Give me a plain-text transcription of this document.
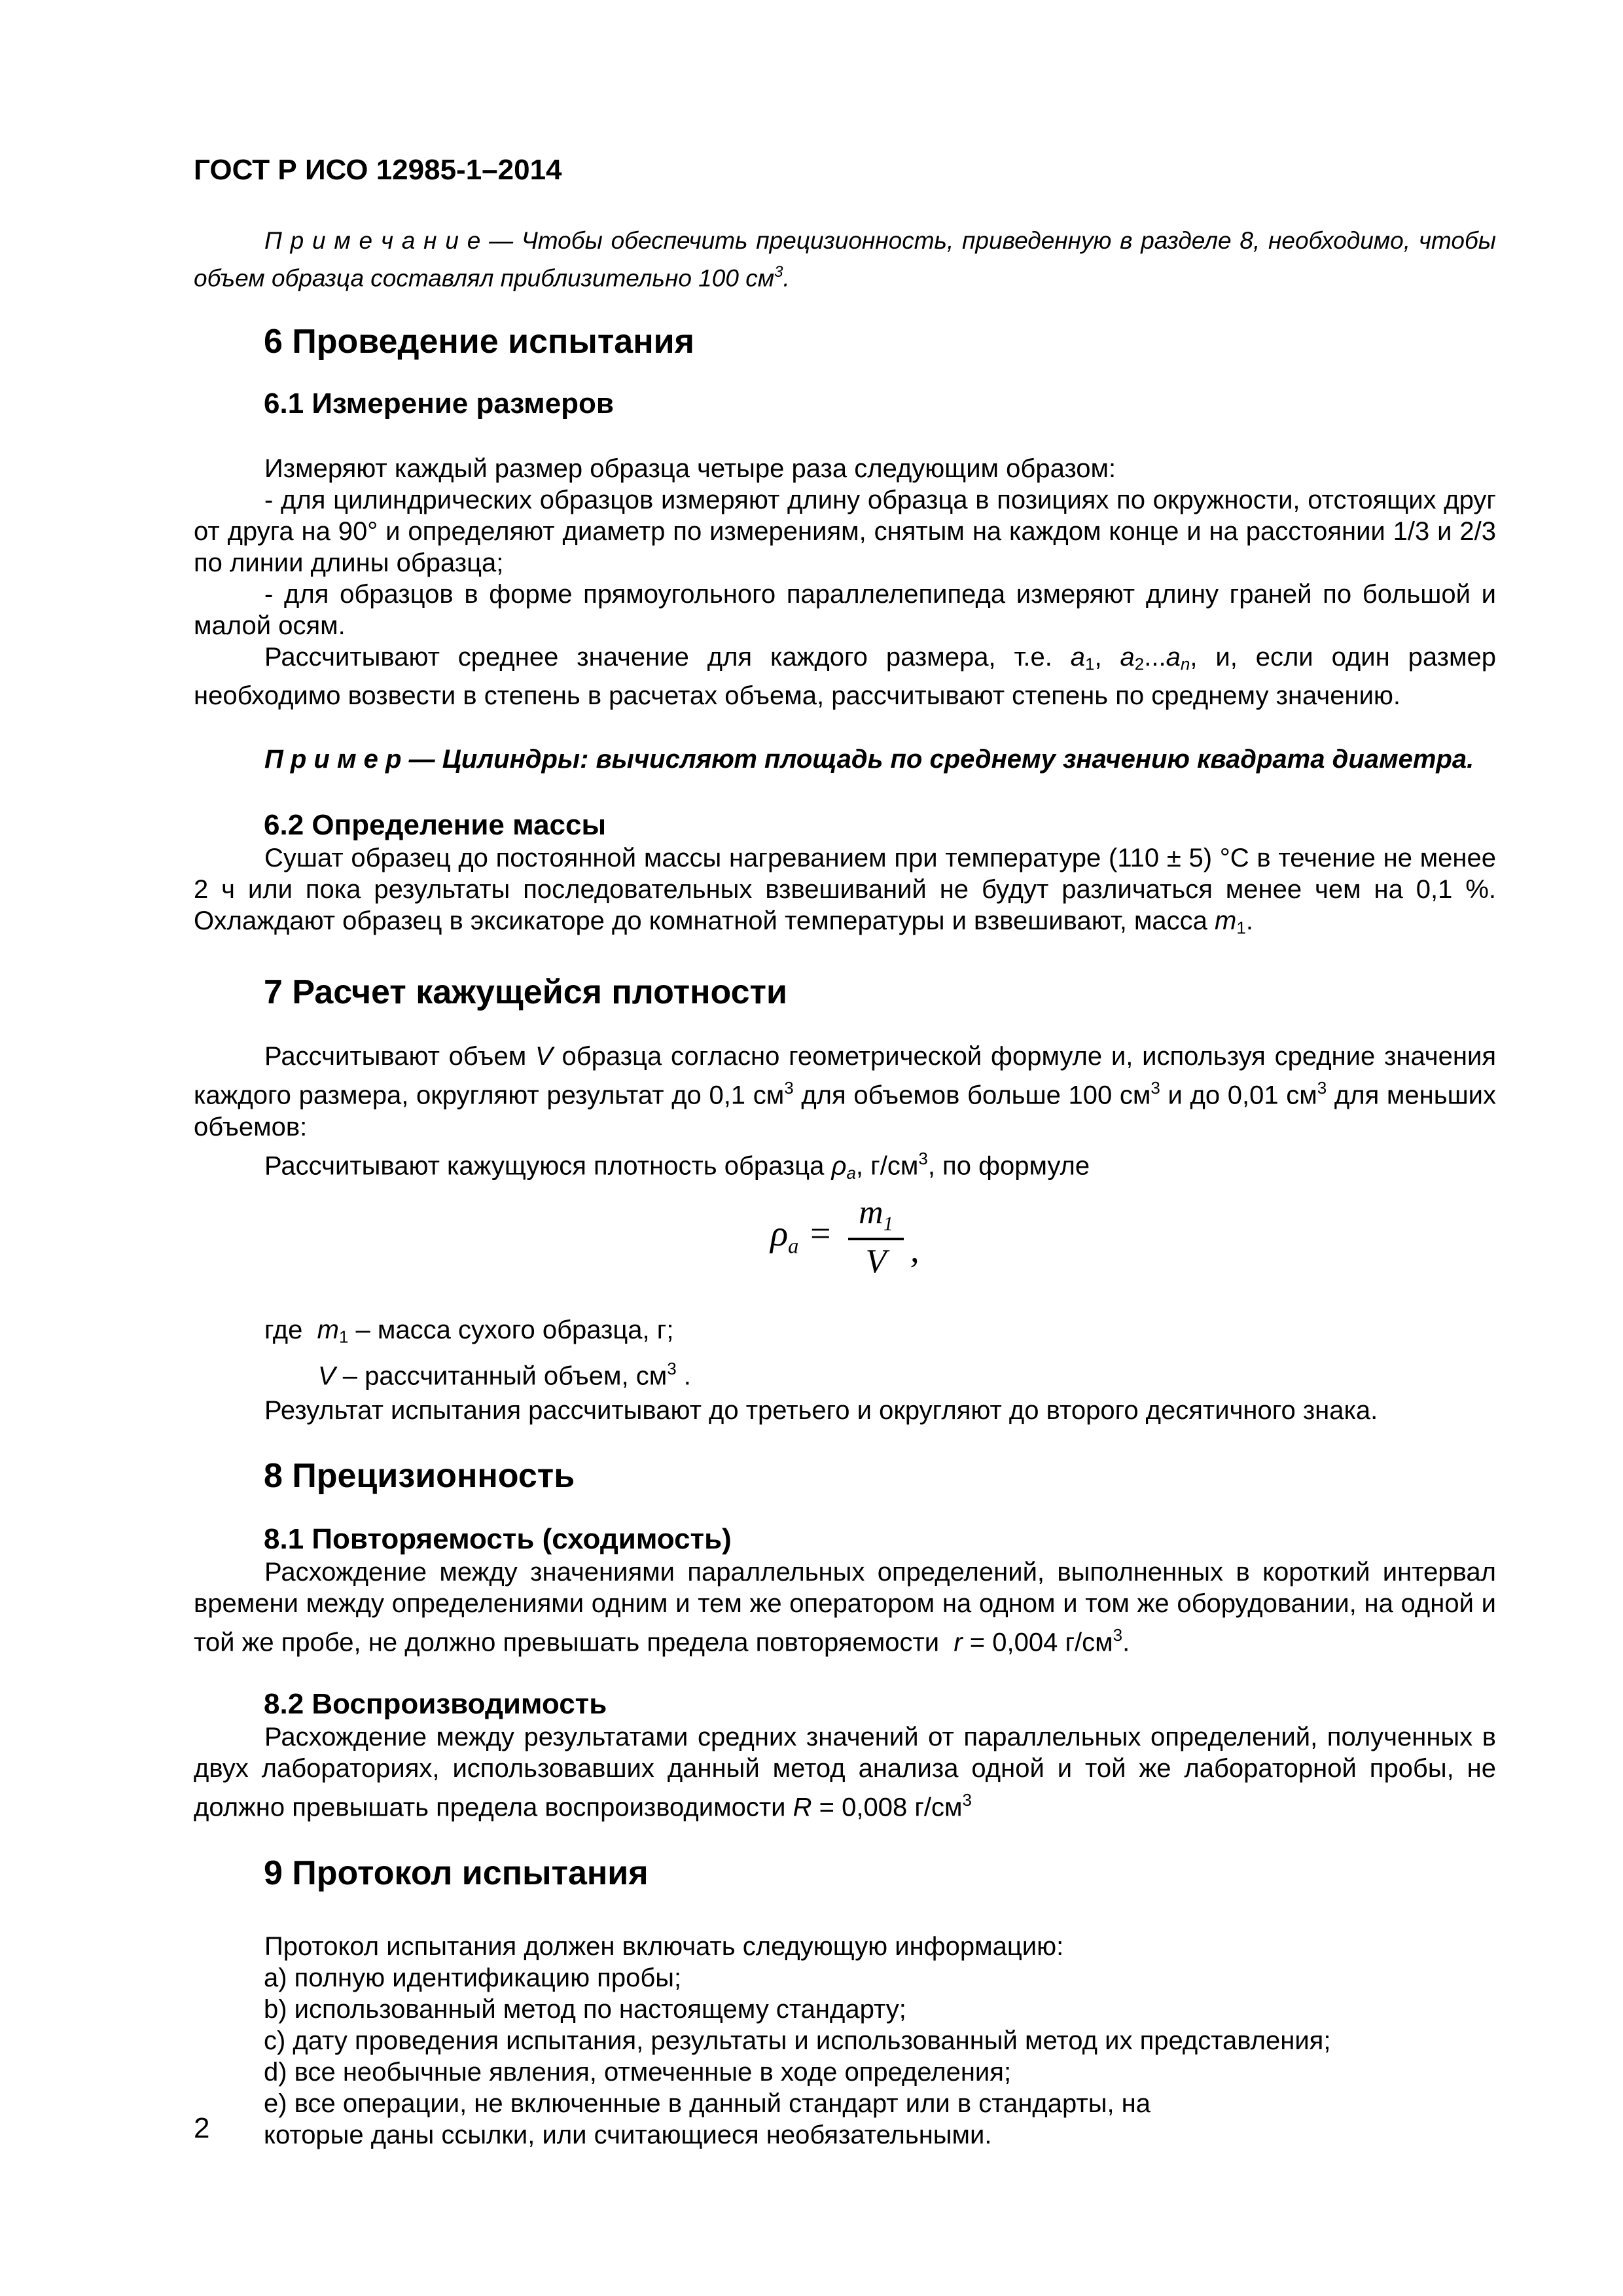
ГОСТ Р ИСО 12985-1–2014
П р и м е ч а н и е — Чтобы обеспечить прецизионность, приведенную в разделе 8, необходимо, чтобы объем образца составлял приблизительно 100 $см^3$.
6 Проведение испытания
6.1 Измерение размеров
Измеряют каждый размер образца четыре раза следующим образом:
- для цилиндрических образцов измеряют длину образца в позициях по окружности, отстоящих друг от друга на 90° и определяют диаметр по измерениям, снятым на каждом конце и на расстоянии 1/3 и 2/3 по линии длины образца;
- для образцов в форме прямоугольного параллелепипеда измеряют длину граней по большой и малой осям.
Рассчитывают среднее значение для каждого размера, т.е. $a_1$, $a_2...a_n$, и, если один размер необходимо возвести в степень в расчетах объема, рассчитывают степень по среднему значению.
П р и м е р — Цилиндры: вычисляют площадь по среднему значению квадрата диаметра.
6.2 Определение массы
Сушат образец до постоянной массы нагреванием при температуре (110 ± 5) °С в течение не менее 2 ч или пока результаты последовательных взвешиваний не будут различаться менее чем на 0,1 %. Охлаждают образец в эксикаторе до комнатной температуры и взвешивают, масса $m_1$.
7 Расчет кажущейся плотности
Рассчитывают объем V образца согласно геометрической формуле и, используя средние значения каждого размера, округляют результат до 0,1 $см^3$ для объемов больше 100 $см^3$ и до 0,01 $см^3$ для меньших объемов:
Рассчитывают кажущуюся плотность образца $\rho_a$, $г/см^3$, по формуле
$\rho_a = \frac{m_1}{V}$ ,
где  $m_1$ – масса сухого образца, г;
V – рассчитанный объем, $см^3$ .
Результат испытания рассчитывают до третьего и округляют до второго десятичного знака.
8 Прецизионность
8.1 Повторяемость (сходимость)
Расхождение между значениями параллельных определений, выполненных в короткий интервал времени между определениями одним и тем же оператором на одном и том же оборудовании, на одной и той же пробе, не должно превышать предела повторяемости  r = 0,004 $г/см^3$.
8.2 Воспроизводимость
Расхождение между результатами средних значений от параллельных определений, полученных в двух лабораториях, использовавших данный метод анализа одной и той же лабораторной пробы, не должно превышать предела воспроизводимости R = 0,008 $г/см^3$
9 Протокол испытания
Протокол испытания должен включать следующую информацию:
a) полную идентификацию пробы;
b) использованный метод по настоящему стандарту;
c) дату проведения испытания, результаты и использованный метод их представления;
d) все необычные явления, отмеченные в ходе определения;
e) все операции, не включенные в данный стандарт или в стандарты, на
которые даны ссылки, или считающиеся необязательными.
2
